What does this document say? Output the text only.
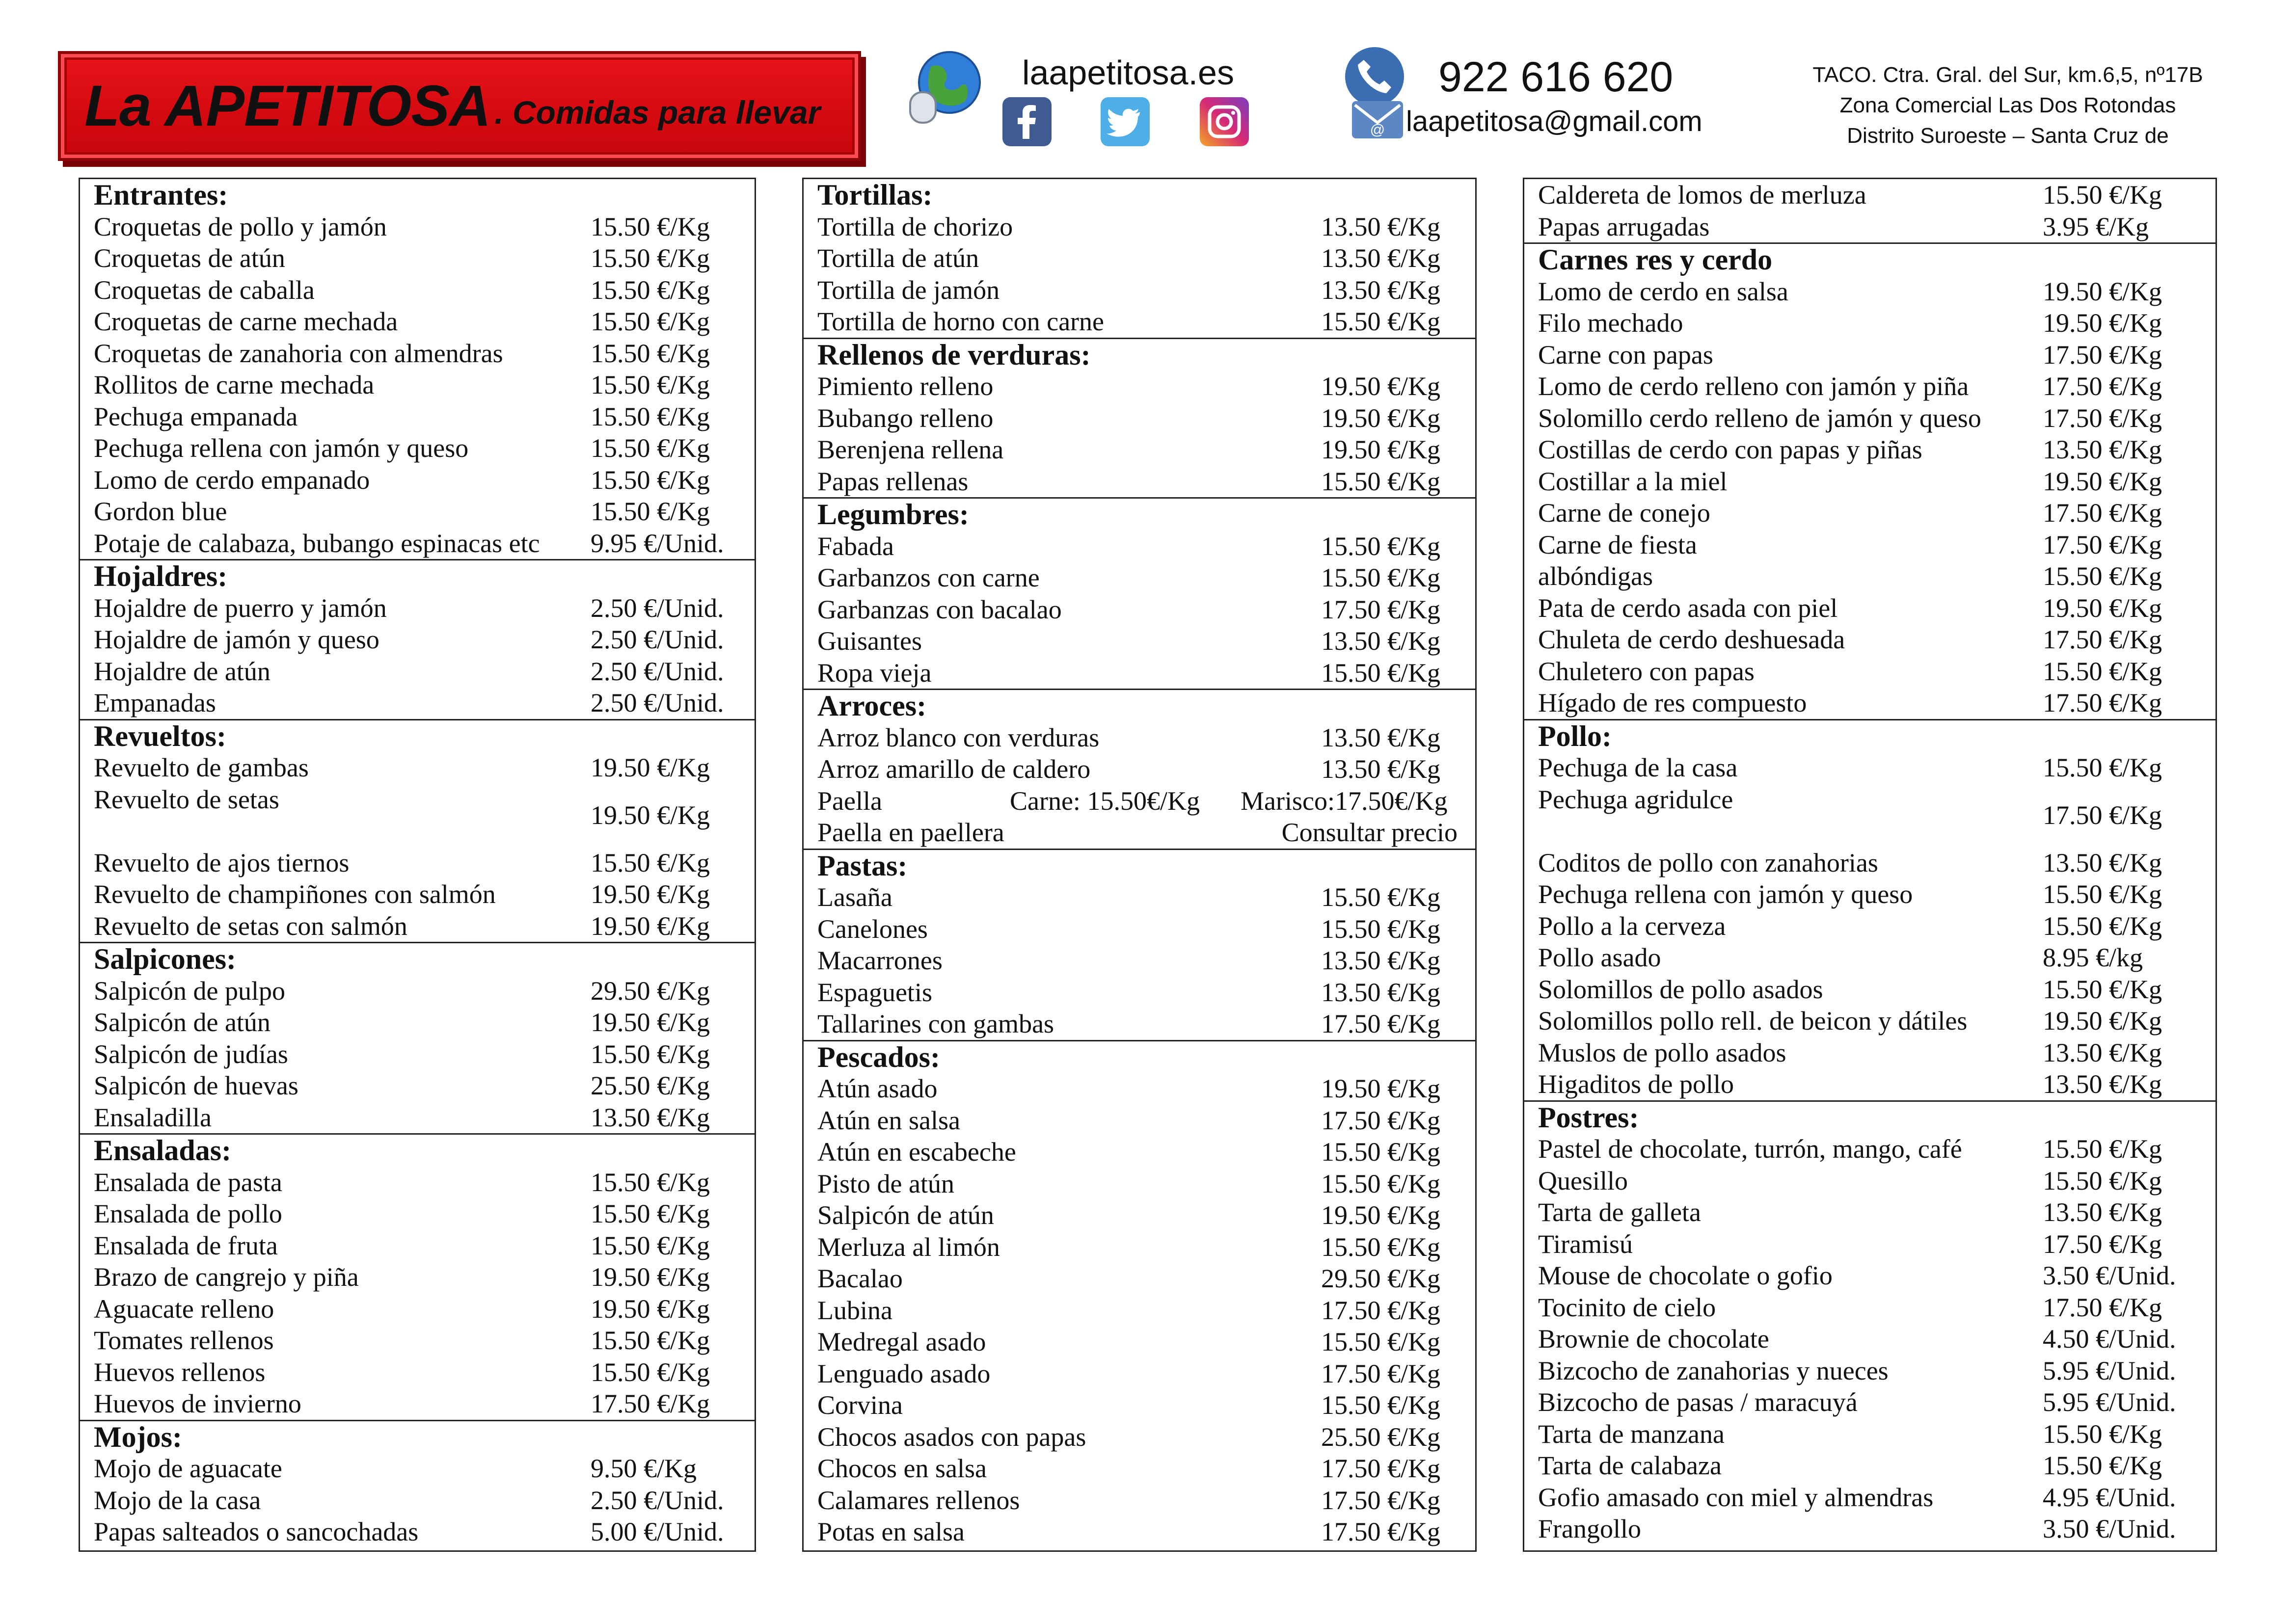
La APETITOSA . Comidas para llevar
laapetitosa.es	922 616 620
@ laapetitosa@gmail.com
TACO. Ctra. Gral. del Sur, km.6,5, nº17B
Zona Comercial Las Dos Rotondas
Distrito Suroeste – Santa Cruz de
Entrantes:
Croquetas de pollo y jamón	15.50 €/Kg
Croquetas de atún	15.50 €/Kg
Croquetas de caballa	15.50 €/Kg
Croquetas de carne mechada	15.50 €/Kg
Croquetas de zanahoria con almendras	15.50 €/Kg
Rollitos de carne mechada	15.50 €/Kg
Pechuga empanada	15.50 €/Kg
Pechuga rellena con jamón y queso	15.50 €/Kg
Lomo de cerdo empanado	15.50 €/Kg
Gordon blue	15.50 €/Kg
Potaje de calabaza, bubango espinacas etc 9.95 €/Unid.
Hojaldres:
Hojaldre de puerro y jamón	2.50 €/Unid.
Hojaldre de jamón y queso	2.50 €/Unid.
Hojaldre de atún	2.50 €/Unid.
Empanadas	2.50 €/Unid.
Revueltos:
Revuelto de gambas	19.50 €/Kg
Revuelto de setas
19.50 €/Kg
Revuelto de ajos tiernos	15.50 €/Kg
Revuelto de champiñones con salmón	19.50 €/Kg
Revuelto de setas con salmón	19.50 €/Kg
Salpicones:
Salpicón de pulpo	29.50 €/Kg
Salpicón de atún	19.50 €/Kg
Salpicón de judías	15.50 €/Kg
Salpicón de huevas	25.50 €/Kg
Ensaladilla	13.50 €/Kg
Ensaladas:
Ensalada de pasta	15.50 €/Kg
Ensalada de pollo	15.50 €/Kg
Ensalada de fruta	15.50 €/Kg
Brazo de cangrejo y piña	19.50 €/Kg
Aguacate relleno	19.50 €/Kg
Tomates rellenos	15.50 €/Kg
Huevos rellenos	15.50 €/Kg
Huevos de invierno	17.50 €/Kg
Mojos:
Mojo de aguacate	9.50 €/Kg
Mojo de la casa	2.50 €/Unid.
Papas salteados o sancochadas	5.00 €/Unid.
Tortillas:
Tortilla de chorizo	13.50 €/Kg
Tortilla de atún	13.50 €/Kg
Tortilla de jamón	13.50 €/Kg
Tortilla de horno con carne	15.50 €/Kg
Rellenos de verduras:
Pimiento relleno	19.50 €/Kg
Bubango relleno	19.50 €/Kg
Berenjena rellena	19.50 €/Kg
Papas rellenas	15.50 €/Kg
Legumbres:
Fabada	15.50 €/Kg
Garbanzos con carne	15.50 €/Kg
Garbanzas con bacalao	17.50 €/Kg
Guisantes	13.50 €/Kg
Ropa vieja	15.50 €/Kg
Arroces:
Arroz blanco con verduras	13.50 €/Kg
Arroz amarillo de caldero	13.50 €/Kg
Paella	Carne: 15.50€/Kg Marisco:17.50€/Kg
Paella en paellera	Consultar precio
Pastas:
Lasaña	15.50 €/Kg
Canelones	15.50 €/Kg
Macarrones	13.50 €/Kg
Espaguetis	13.50 €/Kg
Tallarines con gambas	17.50 €/Kg
Pescados:
Atún asado	19.50 €/Kg
Atún en salsa	17.50 €/Kg
Atún en escabeche	15.50 €/Kg
Pisto de atún	15.50 €/Kg
Salpicón de atún	19.50 €/Kg
Merluza al limón	15.50 €/Kg
Bacalao	29.50 €/Kg
Lubina	17.50 €/Kg
Medregal asado	15.50 €/Kg
Lenguado asado	17.50 €/Kg
Corvina	15.50 €/Kg
Chocos asados con papas	25.50 €/Kg
Chocos en salsa	17.50 €/Kg
Calamares rellenos	17.50 €/Kg
Potas en salsa	17.50 €/Kg
Caldereta de lomos de merluza	15.50 €/Kg
Papas arrugadas	3.95 €/Kg
Carnes res y cerdo
Lomo de cerdo en salsa	19.50 €/Kg
Filo mechado	19.50 €/Kg
Carne con papas	17.50 €/Kg
Lomo de cerdo relleno con jamón y piña	17.50 €/Kg
Solomillo cerdo relleno de jamón y queso 17.50 €/Kg
Costillas de cerdo con papas y piñas	13.50 €/Kg
Costillar a la miel	19.50 €/Kg
Carne de conejo	17.50 €/Kg
Carne de fiesta	17.50 €/Kg
albóndigas	15.50 €/Kg
Pata de cerdo asada con piel	19.50 €/Kg
Chuleta de cerdo deshuesada	17.50 €/Kg
Chuletero con papas	15.50 €/Kg
Hígado de res compuesto	17.50 €/Kg
Pollo:
Pechuga de la casa	15.50 €/Kg
Pechuga agridulce
17.50 €/Kg
Coditos de pollo con zanahorias	13.50 €/Kg
Pechuga rellena con jamón y queso	15.50 €/Kg
Pollo a la cerveza	15.50 €/Kg
Pollo asado	8.95 €/kg
Solomillos de pollo asados	15.50 €/Kg
Solomillos pollo rell. de beicon y dátiles	19.50 €/Kg
Muslos de pollo asados	13.50 €/Kg
Higaditos de pollo	13.50 €/Kg
Postres:
Pastel de chocolate, turrón, mango, café	15.50 €/Kg
Quesillo	15.50 €/Kg
Tarta de galleta	13.50 €/Kg
Tiramisú	17.50 €/Kg
Mouse de chocolate o gofio	3.50 €/Unid.
Tocinito de cielo	17.50 €/Kg
Brownie de chocolate	4.50 €/Unid.
Bizcocho de zanahorias y nueces	5.95 €/Unid.
Bizcocho de pasas / maracuyá	5.95 €/Unid.
Tarta de manzana	15.50 €/Kg
Tarta de calabaza	15.50 €/Kg
Gofio amasado con miel y almendras	4.95 €/Unid.
Frangollo	3.50 €/Unid.
